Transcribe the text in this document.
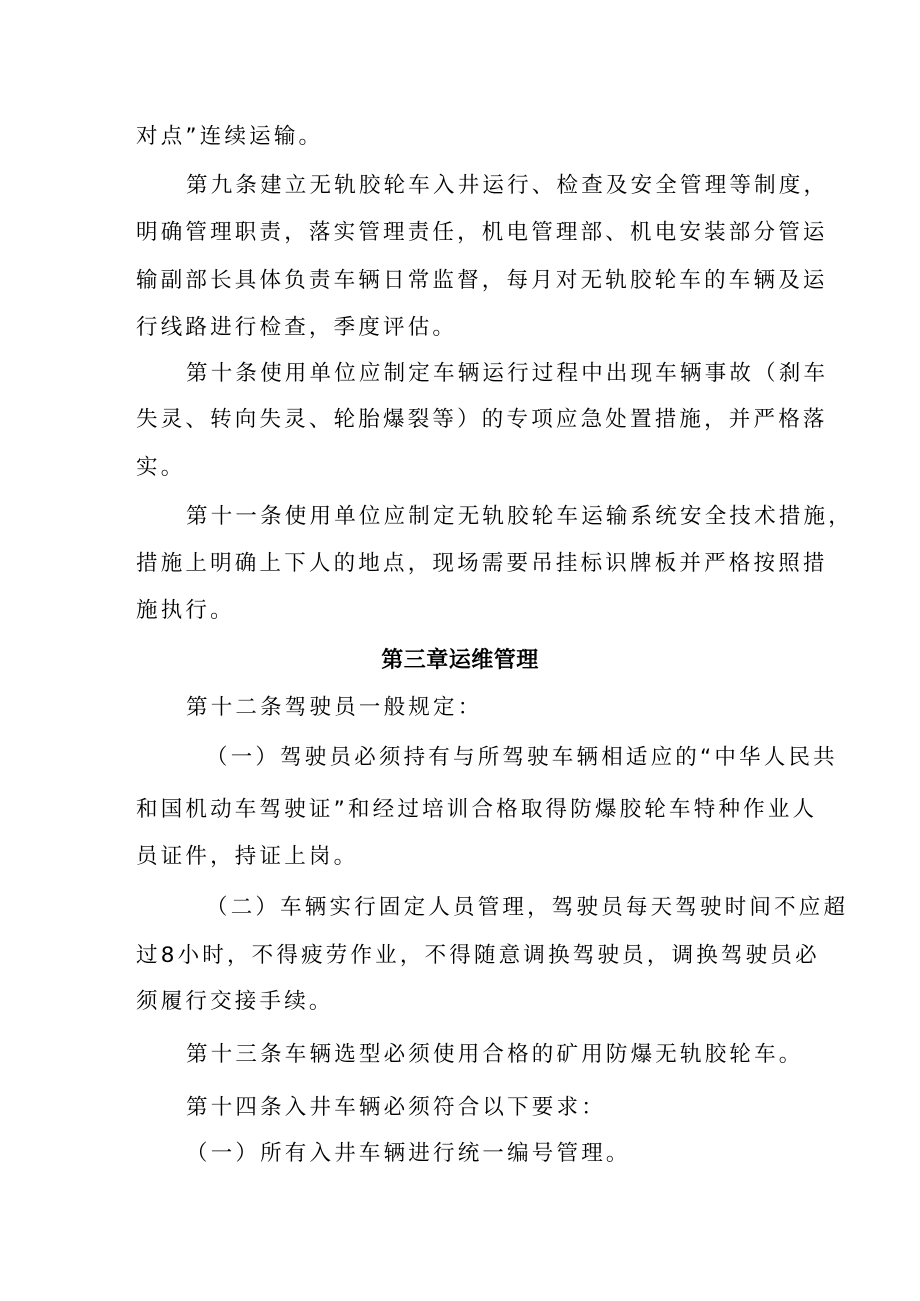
对点”连续运输。
第九条建立无轨胶轮车入井运行、检查及安全管理等制度，
明确管理职责，落实管理责任，机电管理部、机电安装部分管运
输副部长具体负责车辆日常监督，每月对无轨胶轮车的车辆及运
行线路进行检查，季度评估。
第十条使用单位应制定车辆运行过程中出现车辆事故（刹车
失灵、转向失灵、轮胎爆裂等）的专项应急处置措施，并严格落
实。
第十一条使用单位应制定无轨胶轮车运输系统安全技术措施，
措施上明确上下人的地点，现场需要吊挂标识牌板并严格按照措
施执行。
第三章运维管理
第十二条驾驶员一般规定：
（一）驾驶员必须持有与所驾驶车辆相适应的“中华人民共
和国机动车驾驶证”和经过培训合格取得防爆胶轮车特种作业人
员证件，持证上岗。
（二）车辆实行固定人员管理，驾驶员每天驾驶时间不应超
过8小时，不得疲劳作业，不得随意调换驾驶员，调换驾驶员必
须履行交接手续。
第十三条车辆选型必须使用合格的矿用防爆无轨胶轮车。
第十四条入井车辆必须符合以下要求：
（一）所有入井车辆进行统一编号管理。
